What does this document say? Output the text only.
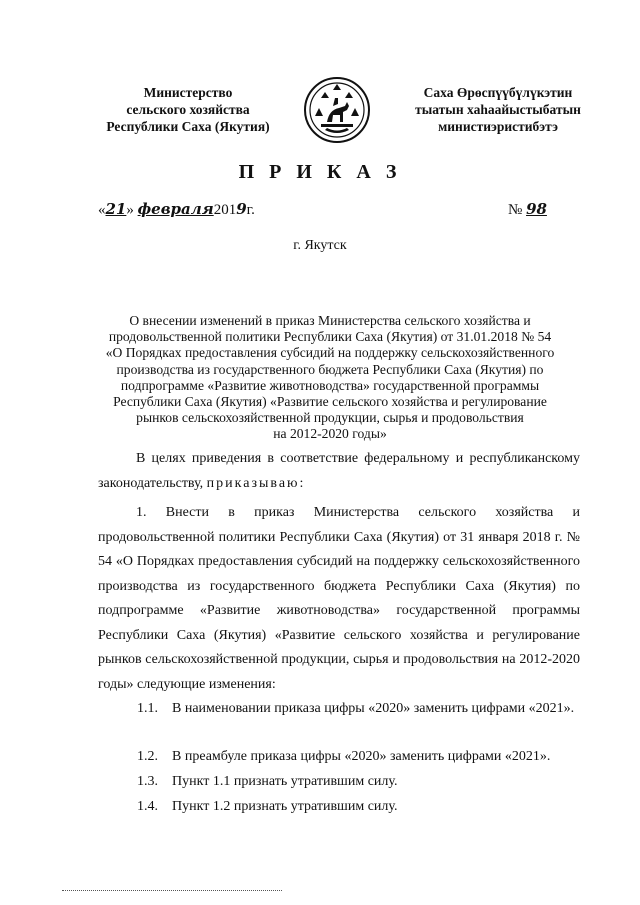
Министерство
сельского хозяйства
Республики Саха (Якутия)
Саха Өрөспүүбүлүкэтин
тыатын хаһаайыстыбатын
министиэристибэтэ
П Р И К А З
«21» февраля2019г.	№ 98
г. Якутск
О внесении изменений в приказ Министерства сельского хозяйства и
продовольственной политики Республики Саха (Якутия) от 31.01.2018 № 54
«О Порядках предоставления субсидий на поддержку сельскохозяйственного
производства из государственного бюджета Республики Саха (Якутия) по
подпрограмме «Развитие животноводства» государственной программы
Республики Саха (Якутия) «Развитие сельского хозяйства и регулирование
рынков сельскохозяйственной продукции, сырья и продовольствия
на 2012-2020 годы»
В целях приведения в соответствие федеральному и республиканскому законодательству, приказываю:
1. Внести в приказ Министерства сельского хозяйства и продовольственной политики Республики Саха (Якутия) от 31 января 2018 г. № 54 «О Порядках предоставления субсидий на поддержку сельскохозяйственного производства из государственного бюджета Республики Саха (Якутия) по подпрограмме «Развитие животноводства» государственной программы Республики Саха (Якутия) «Развитие сельского хозяйства и регулирование рынков сельскохозяйственной продукции, сырья и продовольствия на 2012-2020 годы» следующие изменения:
1.1. В наименовании приказа цифры «2020» заменить цифрами «2021».
1.2. В преамбуле приказа цифры «2020» заменить цифрами «2021».
1.3. Пункт 1.1 признать утратившим силу.
1.4. Пункт 1.2 признать утратившим силу.
